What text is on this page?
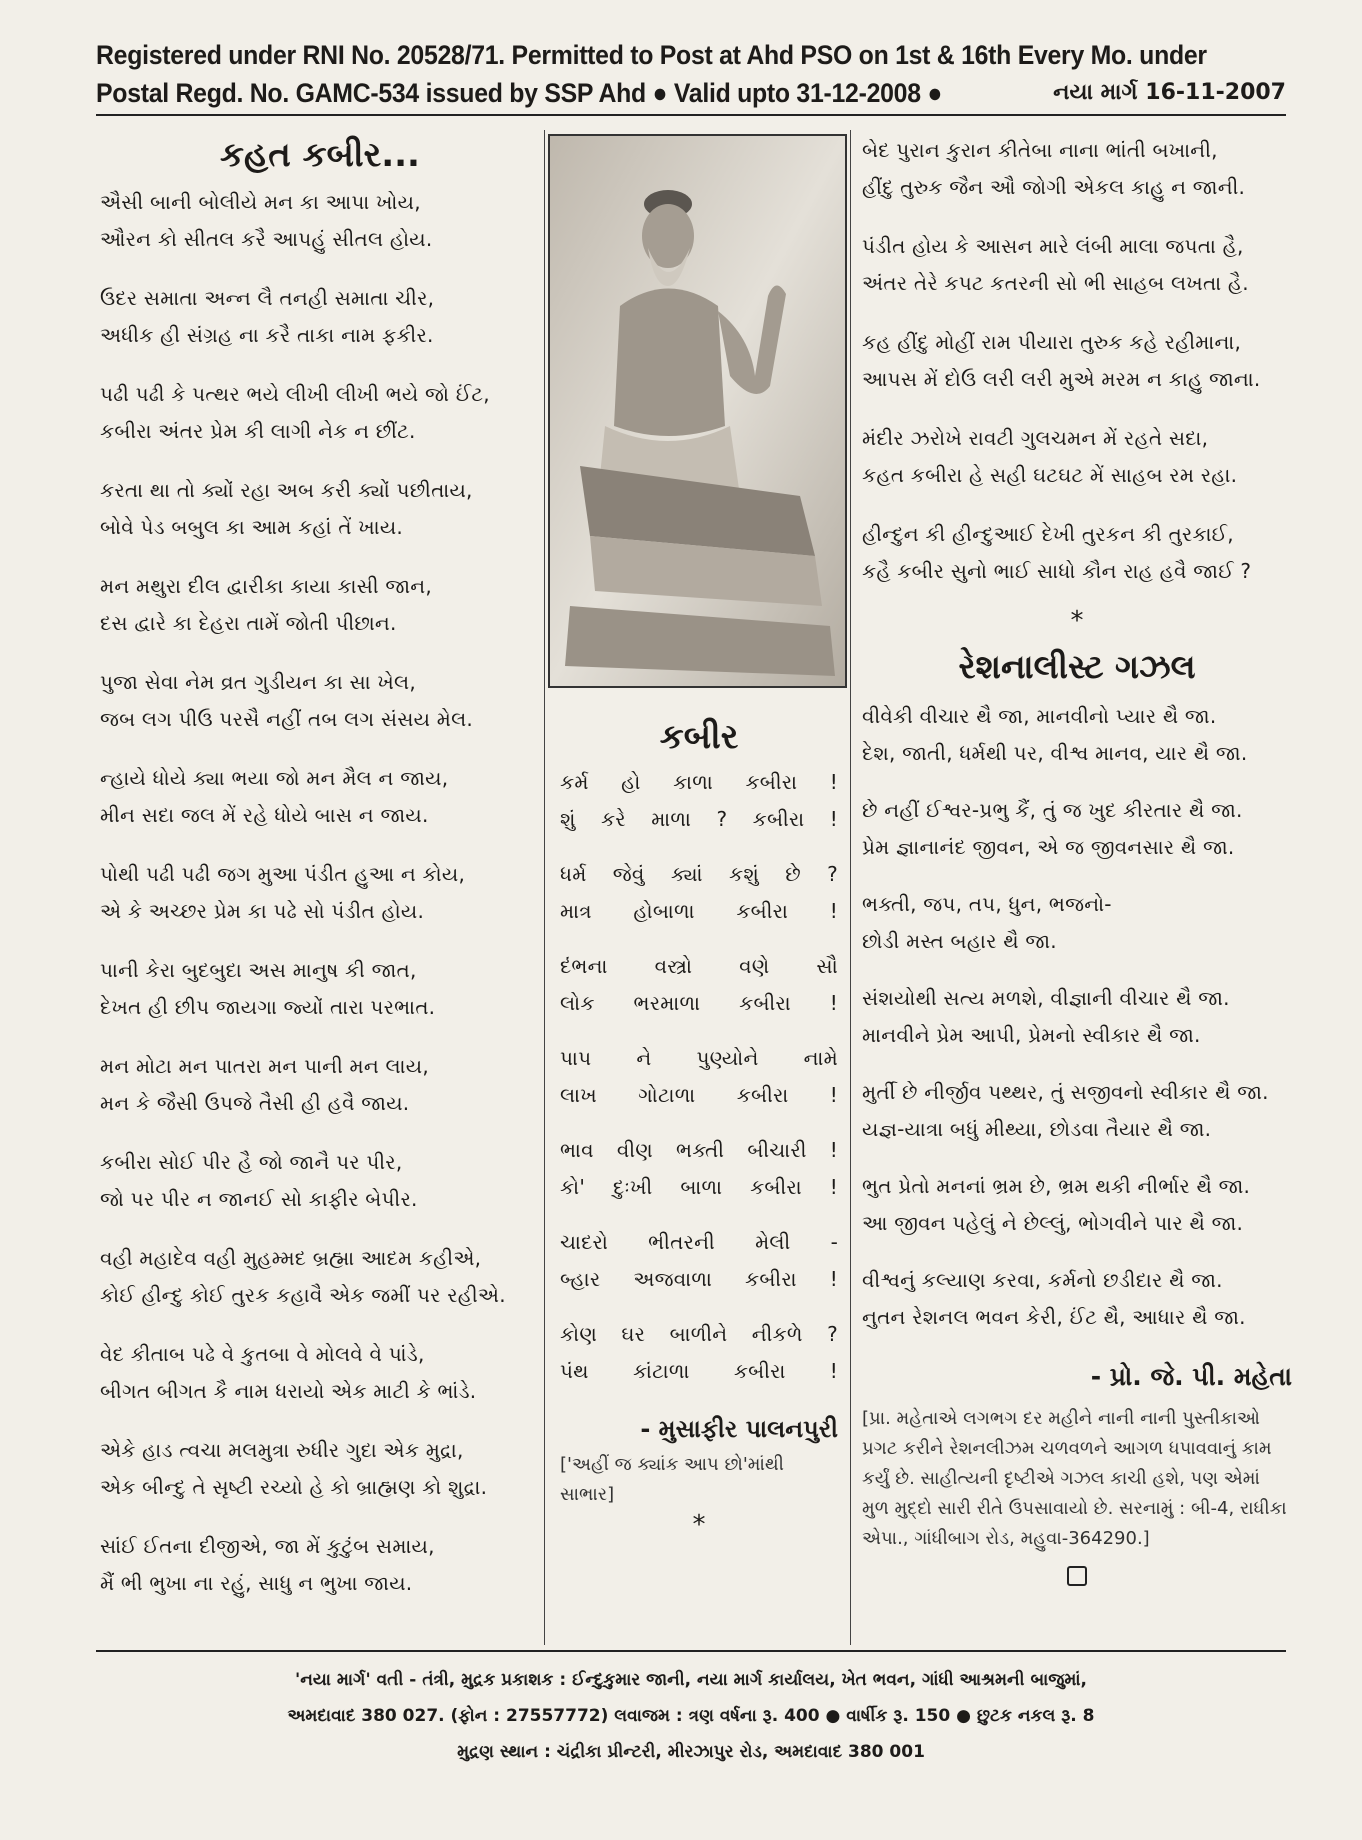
Registered under RNI No. 20528/71. Permitted to Post at Ahd PSO on 1st & 16th Every Mo. under
Postal Regd. No. GAMC-534 issued by SSP Ahd ● Valid upto 31-12-2008 ●	નયા માર્ગ 16-11-2007
કહત કબીર...
ઐસી બાની બોલીયે મન કા આપા ખોય,
ઔરન કો સીતલ કરૈ આપહું સીતલ હોય.
ઉદર સમાતા અન્ન લૈ તનહી સમાતા ચીર,
અધીક હી સંગ્રહ ના કરૈ તાકા નામ ફકીર.
પઢી પઢી કે પત્થર ભયે લીખી લીખી ભયે જો ઈંટ,
કબીરા અંતર પ્રેમ કી લાગી નેક ન છીંટ.
કરતા થા તો ક્યોં રહા અબ કરી ક્યોં પછીતાય,
બોવે પેડ બબુલ કા આમ કહાં તેં ખાય.
મન મથુરા દીલ દ્વારીકા કાયા કાસી જાન,
દસ દ્વારે કા દેહરા તામેં જોતી પીછાન.
પુજા સેવા નેમ વ્રત ગુડીયન કા સા ખેલ,
જબ લગ પીઉ પરસૈ નહીં તબ લગ સંસય મેલ.
ન્હાયે ધોયે ક્યા ભયા જો મન મૈલ ન જાય,
મીન સદા જલ મેં રહે ધોયે બાસ ન જાય.
પોથી પઢી પઢી જગ મુઆ પંડીત હુઆ ન કોય,
એ કે અચ્છર પ્રેમ કા પઢે સો પંડીત હોય.
પાની કેરા બુદબુદા અસ માનુષ કી જાત,
દેખત હી છીપ જાયગા જ્યોં તારા પરભાત.
મન મોટા મન પાતરા મન પાની મન લાય,
મન કે જૈસી ઉપજે તૈસી હી હવૈ જાય.
કબીરા સોઈ પીર હૈ જો જાનૈ પર પીર,
જો પર પીર ન જાનઈ સો કાફીર બેપીર.
વહી મહાદેવ વહી મુહમ્મદ બ્રહ્મા આદમ કહીએ,
કોઈ હીન્દુ કોઈ તુરક કહાવૈ એક જમીં પર રહીએ.
વેદ કીતાબ પઢે વે કુતબા વે મોલવે વે પાંડે,
બીગત બીગત કૈ નામ ધરાયો એક માટી કે ભાંડે.
એકે હાડ ત્વચા મલમુત્રા રુધીર ગુદા એક મુદ્રા,
એક બીન્દુ તે સૃષ્ટી રચ્યો હે કો બ્રાહ્મણ કો શુદ્રા.
સાંઈ ઈતના દીજીએ, જા મેં કુટુંબ સમાય,
મૈં ભી ભુખા ના રહું, સાધુ ન ભુખા જાય.
કબીર
કર્મ હો કાળા કબીરા !
શું કરે માળા ? કબીરા !
ધર્મ જેવું ક્યાં કશું છે ?
માત્ર હોબાળા કબીરા !
દંભના વસ્ત્રો વણે સૌ
લોક ભરમાળા કબીરા !
પાપ ને પુણ્યોને નામે
લાખ ગોટાળા કબીરા !
ભાવ વીણ ભક્તી બીચારી !
કો' દુઃખી બાળા કબીરા !
ચાદરો ભીતરની મેલી -
બ્હાર અજવાળા કબીરા !
કોણ ઘર બાળીને નીકળે ?
પંથ કાંટાળા કબીરા !
- મુસાફીર પાલનપુરી
['અહીં જ ક્યાંક આપ છો'માંથી સાભાર]
*
બેદ પુરાન કુરાન કીતેબા નાના ભાંતી બખાની,
હીંદુ તુરુક જૈન ઔ જોગી એકલ કાહુ ન જાની.
પંડીત હોય કે આસન મારે લંબી માલા જપતા હૈ,
અંતર તેરે કપટ કતરની સો ભી સાહબ લખતા હૈ.
કહ હીંદુ મોહીં રામ પીયારા તુરુક કહે રહીમાના,
આપસ મેં દોઉ લરી લરી મુએ મરમ ન કાહુ જાના.
મંદીર ઝરોખે રાવટી ગુલચમન મેં રહતે સદા,
કહત કબીરા હે સહી ઘટઘટ મેં સાહબ રમ રહા.
હીન્દુન કી હીન્દુઆઈ દેખી તુરકન કી તુરકાઈ,
કહૈ કબીર સુનો ભાઈ સાધો કૌન રાહ હવૈ જાઈ ?
*
રેશનાલીસ્ટ ગઝલ
વીવેકી વીચાર થૈ જા, માનવીનો પ્યાર થૈ જા.
દેશ, જાતી, ધર્મથી પર, વીશ્વ માનવ, યાર થૈ જા.
છે નહીં ઈશ્વર-પ્રભુ કૈં, તું જ ખુદ કીરતાર થૈ જા.
પ્રેમ જ્ઞાનાનંદ જીવન, એ જ જીવનસાર થૈ જા.
ભક્તી, જપ, તપ, ધુન, ભજનો-
છોડી મસ્ત બહાર થૈ જા.
સંશયોથી સત્ય મળશે, વીજ્ઞાની વીચાર થૈ જા.
માનવીને પ્રેમ આપી, પ્રેમનો સ્વીકાર થૈ જા.
મુર્તી છે નીર્જીવ પથ્થર, તું સજીવનો સ્વીકાર થૈ જા.
યજ્ઞ-યાત્રા બધું મીથ્યા, છોડવા તૈયાર થૈ જા.
ભુત પ્રેતો મનનાં ભ્રમ છે, ભ્રમ થકી નીર્ભાર થૈ જા.
આ જીવન પહેલું ને છેલ્લું, ભોગવીને પાર થૈ જા.
વીશ્વનું કલ્યાણ કરવા, કર્મનો છડીદાર થૈ જા.
નુતન રેશનલ ભવન કેરી, ઈંટ થૈ, આધાર થૈ જા.
- પ્રો. જે. પી. મહેતા
[પ્રા. મહેતાએ લગભગ દર મહીને નાની નાની પુસ્તીકાઓ પ્રગટ કરીને રેશનલીઝમ ચળવળને આગળ ધપાવવાનું કામ કર્યું છે. સાહીત્યની દૃષ્ટીએ ગઝલ કાચી હશે, પણ એમાં મુળ મુદ્દો સારી રીતે ઉપસાવાયો છે. સરનામું : બી-4, રાધીકા એપા., ગાંધીબાગ રોડ, મહુવા-364290.]
'નયા માર્ગ' વતી - તંત્રી, મુદ્રક પ્રકાશક : ઈન્દુકુમાર જાની, નયા માર્ગ કાર્યાલય, ખેત ભવન, ગાંધી આશ્રમની બાજુમાં,
અમદાવાદ 380 027. (ફોન : 27557772) લવાજમ : ત્રણ વર્ષના રૂ. 400 ● વાર્ષીક રૂ. 150 ● છુટક નકલ રૂ. 8
મુદ્રણ સ્થાન : ચંદ્રીકા પ્રીન્ટરી, મીરઝાપુર રોડ, અમદાવાદ 380 001
